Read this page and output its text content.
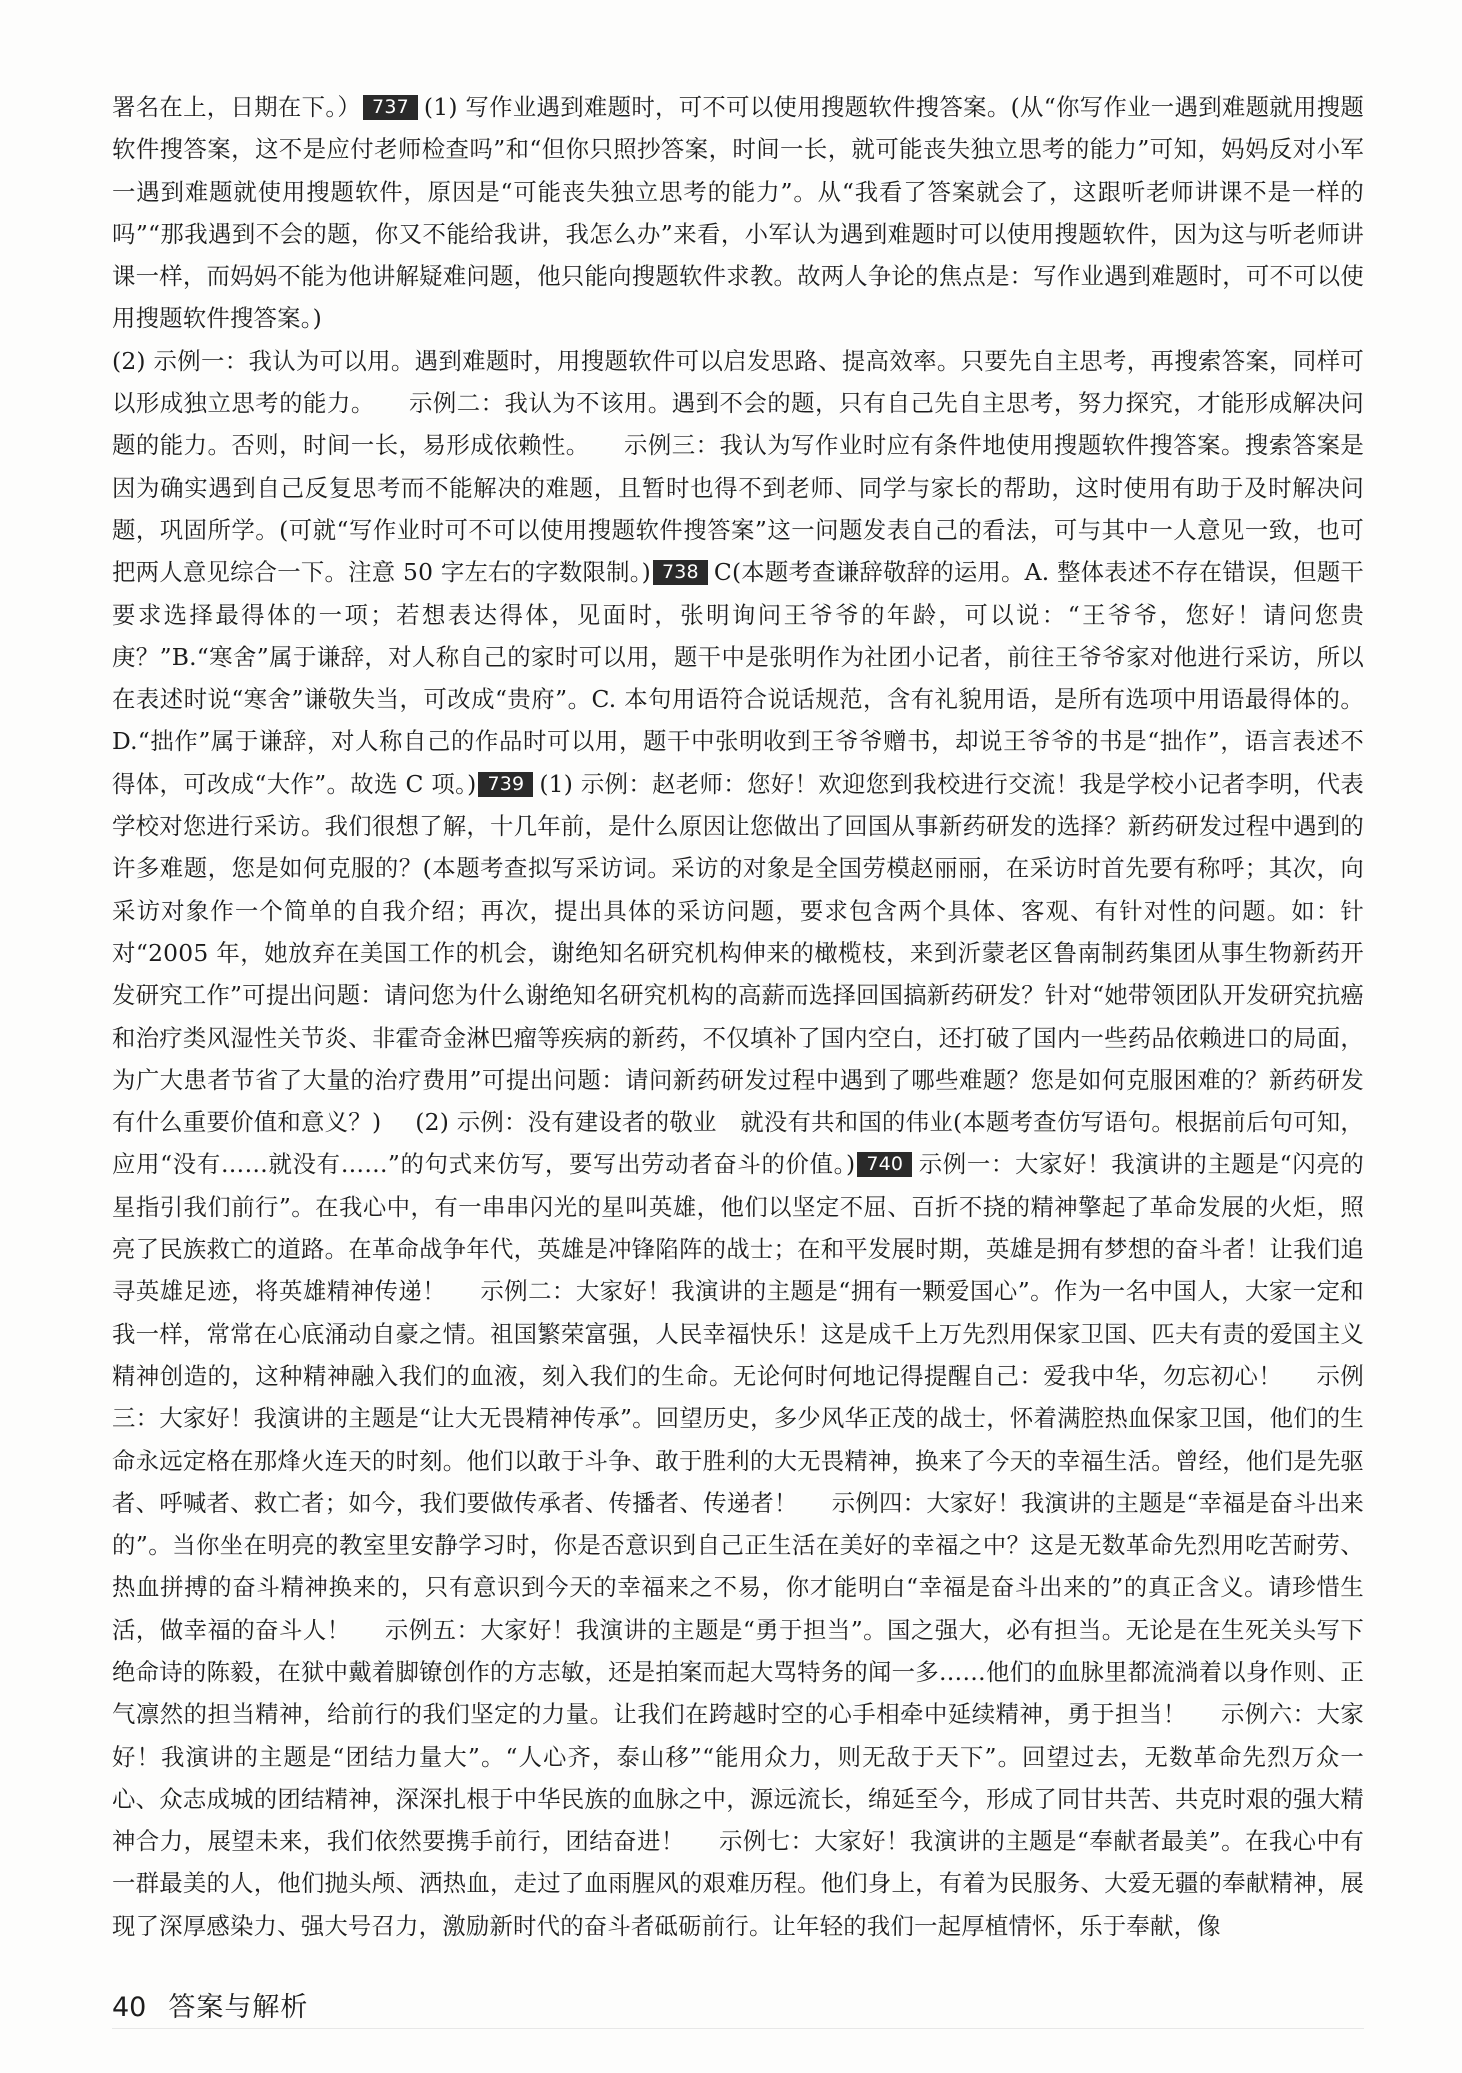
署名在上，日期在下。） 737 (1) 写作业遇到难题时，可不可以使用搜题软件搜答案。(从“你写作业一遇到难题就用搜题软件搜答案，这不是应付老师检查吗”和“但你只照抄答案，时间一长，就可能丧失独立思考的能力”可知，妈妈反对小军一遇到难题就使用搜题软件，原因是“可能丧失独立思考的能力”。从“我看了答案就会了，这跟听老师讲课不是一样的吗”“那我遇到不会的题，你又不能给我讲，我怎么办”来看，小军认为遇到难题时可以使用搜题软件，因为这与听老师讲课一样，而妈妈不能为他讲解疑难问题，他只能向搜题软件求教。故两人争论的焦点是：写作业遇到难题时，可不可以使用搜题软件搜答案。)

(2) 示例一：我认为可以用。遇到难题时，用搜题软件可以启发思路、提高效率。只要先自主思考，再搜索答案，同样可以形成独立思考的能力。 示例二：我认为不该用。遇到不会的题，只有自己先自主思考，努力探究，才能形成解决问题的能力。否则，时间一长，易形成依赖性。 示例三：我认为写作业时应有条件地使用搜题软件搜答案。搜索答案是因为确实遇到自己反复思考而不能解决的难题，且暂时也得不到老师、同学与家长的帮助，这时使用有助于及时解决问题，巩固所学。(可就“写作业时可不可以使用搜题软件搜答案”这一问题发表自己的看法，可与其中一人意见一致，也可把两人意见综合一下。注意 50 字左右的字数限制。) 738 C(本题考查谦辞敬辞的运用。A. 整体表述不存在错误，但题干要求选择最得体的一项；若想表达得体，见面时，张明询问王爷爷的年龄，可以说：“王爷爷，您好！请问您贵庚？”B.“寒舍”属于谦辞，对人称自己的家时可以用，题干中是张明作为社团小记者，前往王爷爷家对他进行采访，所以在表述时说“寒舍”谦敬失当，可改成“贵府”。C. 本句用语符合说话规范，含有礼貌用语，是所有选项中用语最得体的。D.“拙作”属于谦辞，对人称自己的作品时可以用，题干中张明收到王爷爷赠书，却说王爷爷的书是“拙作”，语言表述不得体，可改成“大作”。故选 C 项。) 739 (1) 示例：赵老师：您好！欢迎您到我校进行交流！我是学校小记者李明，代表学校对您进行采访。我们很想了解，十几年前，是什么原因让您做出了回国从事新药研发的选择？新药研发过程中遇到的许多难题，您是如何克服的？(本题考查拟写采访词。采访的对象是全国劳模赵丽丽，在采访时首先要有称呼；其次，向采访对象作一个简单的自我介绍；再次，提出具体的采访问题，要求包含两个具体、客观、有针对性的问题。如：针对“2005 年，她放弃在美国工作的机会，谢绝知名研究机构伸来的橄榄枝，来到沂蒙老区鲁南制药集团从事生物新药开发研究工作”可提出问题：请问您为什么谢绝知名研究机构的高薪而选择回国搞新药研发？针对“她带领团队开发研究抗癌和治疗类风湿性关节炎、非霍奇金淋巴瘤等疾病的新药，不仅填补了国内空白，还打破了国内一些药品依赖进口的局面，为广大患者节省了大量的治疗费用”可提出问题：请问新药研发过程中遇到了哪些难题？您是如何克服困难的？新药研发有什么重要价值和意义？) (2) 示例：没有建设者的敬业　就没有共和国的伟业(本题考查仿写语句。根据前后句可知，应用“没有……就没有……”的句式来仿写，要写出劳动者奋斗的价值。) 740 示例一：大家好！我演讲的主题是“闪亮的星指引我们前行”。在我心中，有一串串闪光的星叫英雄，他们以坚定不屈、百折不挠的精神擎起了革命发展的火炬，照亮了民族救亡的道路。在革命战争年代，英雄是冲锋陷阵的战士；在和平发展时期，英雄是拥有梦想的奋斗者！让我们追寻英雄足迹，将英雄精神传递！ 示例二：大家好！我演讲的主题是“拥有一颗爱国心”。作为一名中国人，大家一定和我一样，常常在心底涌动自豪之情。祖国繁荣富强，人民幸福快乐！这是成千上万先烈用保家卫国、匹夫有责的爱国主义精神创造的，这种精神融入我们的血液，刻入我们的生命。无论何时何地记得提醒自己：爱我中华，勿忘初心！ 示例三：大家好！我演讲的主题是“让大无畏精神传承”。回望历史，多少风华正茂的战士，怀着满腔热血保家卫国，他们的生命永远定格在那烽火连天的时刻。他们以敢于斗争、敢于胜利的大无畏精神，换来了今天的幸福生活。曾经，他们是先驱者、呼喊者、救亡者；如今，我们要做传承者、传播者、传递者！ 示例四：大家好！我演讲的主题是“幸福是奋斗出来的”。当你坐在明亮的教室里安静学习时，你是否意识到自己正生活在美好的幸福之中？这是无数革命先烈用吃苦耐劳、热血拼搏的奋斗精神换来的，只有意识到今天的幸福来之不易，你才能明白“幸福是奋斗出来的”的真正含义。请珍惜生活，做幸福的奋斗人！ 示例五：大家好！我演讲的主题是“勇于担当”。国之强大，必有担当。无论是在生死关头写下绝命诗的陈毅，在狱中戴着脚镣创作的方志敏，还是拍案而起大骂特务的闻一多……他们的血脉里都流淌着以身作则、正气凛然的担当精神，给前行的我们坚定的力量。让我们在跨越时空的心手相牵中延续精神，勇于担当！ 示例六：大家好！我演讲的主题是“团结力量大”。“人心齐，泰山移”“能用众力，则无敌于天下”。回望过去，无数革命先烈万众一心、众志成城的团结精神，深深扎根于中华民族的血脉之中，源远流长，绵延至今，形成了同甘共苦、共克时艰的强大精神合力，展望未来，我们依然要携手前行，团结奋进！ 示例七：大家好！我演讲的主题是“奉献者最美”。在我心中有一群最美的人，他们抛头颅、洒热血，走过了血雨腥风的艰难历程。他们身上，有着为民服务、大爱无疆的奉献精神，展现了深厚感染力、强大号召力，激励新时代的奋斗者砥砺前行。让年轻的我们一起厚植情怀，乐于奉献，像

40 答案与解析
